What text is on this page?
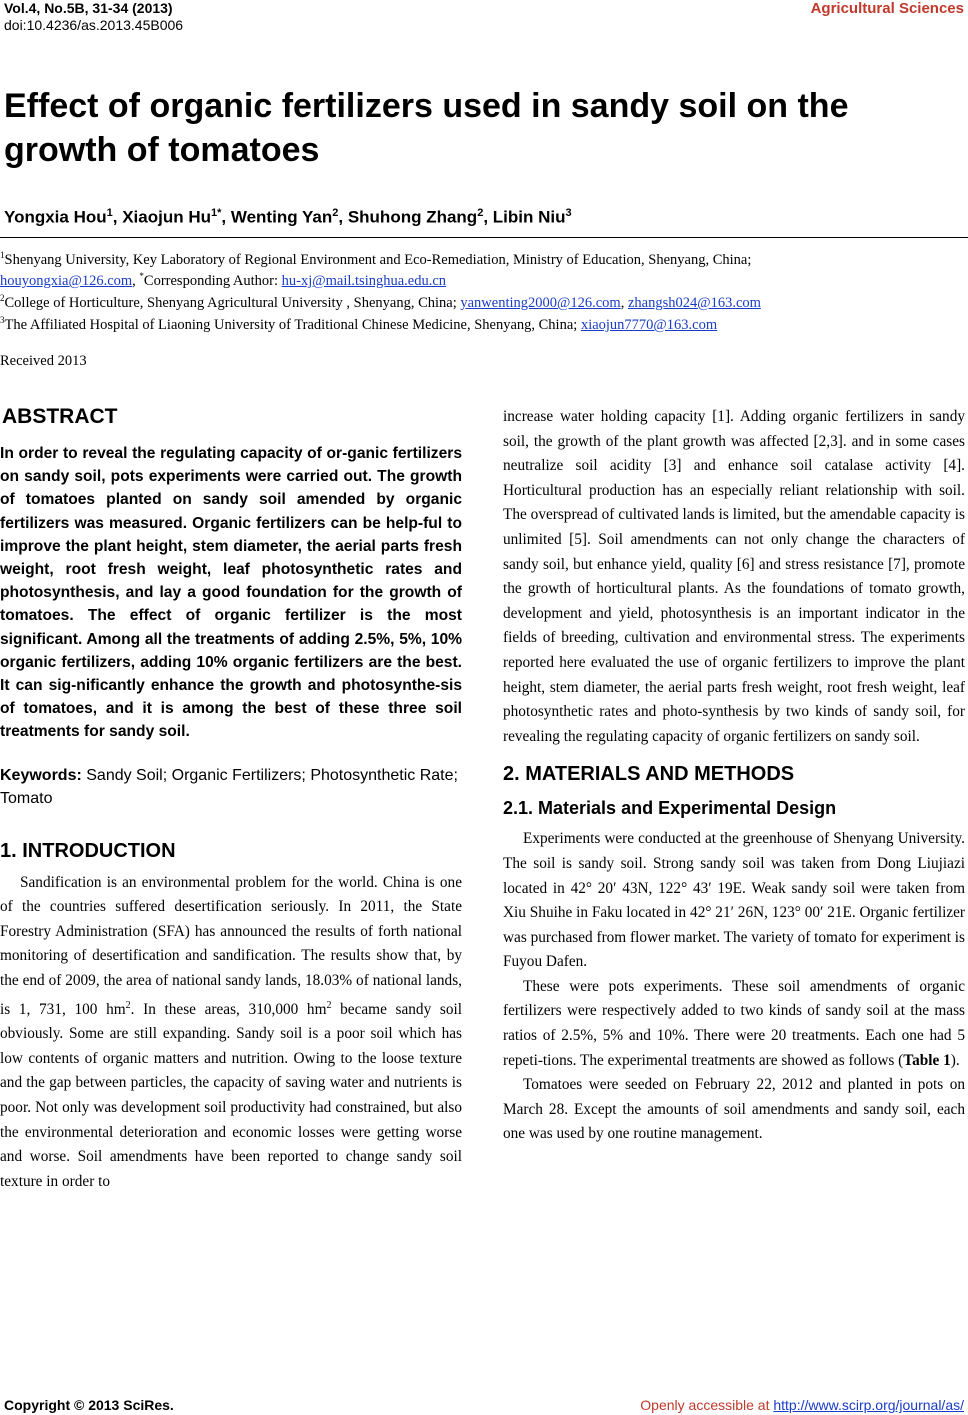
Vol.4, No.5B, 31-34 (2013)
doi:10.4236/as.2013.45B006
Agricultural Sciences
Effect of organic fertilizers used in sandy soil on the growth of tomatoes
Yongxia Hou$^1$, Xiaojun $Hu^{1*}$, Wenting Yan$^2$, Shuhong Zhang$^2$, Libin Niu$^3$
$^1$Shenyang University, Key Laboratory of Regional Environment and Eco-Remediation, Ministry of Education, Shenyang, China;
houyongxia@126.com, *Corresponding Author: hu-xj@mail.tsinghua.edu.cn
$^2$College of Horticulture, Shenyang Agricultural University , Shenyang, China; yanwenting2000@126.com, zhangsh024@163.com
$^3$The Affiliated Hospital of Liaoning University of Traditional Chinese Medicine, Shenyang, China; xiaojun7770@163.com
Received 2013
ABSTRACT
In order to reveal the regulating capacity of or-ganic fertilizers on sandy soil, pots experiments were carried out. The growth of tomatoes planted on sandy soil amended by organic fertilizers was measured. Organic fertilizers can be help-ful to improve the plant height, stem diameter, the aerial parts fresh weight, root fresh weight, leaf photosynthetic rates and photosynthesis, and lay a good foundation for the growth of tomatoes. The effect of organic fertilizer is the most significant. Among all the treatments of adding 2.5%, 5%, 10% organic fertilizers, adding 10% organic fertilizers are the best. It can sig-nificantly enhance the growth and photosynthe-sis of tomatoes, and it is among the best of these three soil treatments for sandy soil.
Keywords: Sandy Soil; Organic Fertilizers; Photosynthetic Rate; Tomato
1. INTRODUCTION

Sandification is an environmental problem for the world. China is one of the countries suffered desertification seriously. In 2011, the State Forestry Administration (SFA) has announced the results of forth national monitoring of desertification and sandification. The results show that, by the end of 2009, the area of national sandy lands, 18.03% of national lands, is 1, 731, 100 $hm^2$. In these areas, 310,000 $hm^2$ became sandy soil obviously. Some are still expanding. Sandy soil is a poor soil which has low contents of organic matters and nutrition. Owing to the loose texture and the gap between particles, the capacity of saving water and nutrients is poor. Not only was development soil productivity had constrained, but also the environmental deterioration and economic losses were getting worse and worse. Soil amendments have been reported to change sandy soil texture in order to

increase water holding capacity [1]. Adding organic fertilizers in sandy soil, the growth of the plant growth was affected [2,3]. and in some cases neutralize soil acidity [3] and enhance soil catalase activity [4]. Horticultural production has an especially reliant relationship with soil. The overspread of cultivated lands is limited, but the amendable capacity is unlimited [5]. Soil amendments can not only change the characters of sandy soil, but enhance yield, quality [6] and stress resistance [7], promote the growth of horticultural plants. As the foundations of tomato growth, development and yield, photosynthesis is an important indicator in the fields of breeding, cultivation and environmental stress. The experiments reported here evaluated the use of organic fertilizers to improve the plant height, stem diameter, the aerial parts fresh weight, root fresh weight, leaf photosynthetic rates and photo-synthesis by two kinds of sandy soil, for revealing the regulating capacity of organic fertilizers on sandy soil.

2. MATERIALS AND METHODS
2.1. Materials and Experimental Design

Experiments were conducted at the greenhouse of Shenyang University. The soil is sandy soil. Strong sandy soil was taken from Dong Liujiazi located in 42° 20′ 43N, 122° 43′ 19E. Weak sandy soil were taken from Xiu Shuihe in Faku located in 42° 21′ 26N, 123° 00′ 21E. Organic fertilizer was purchased from flower market. The variety of tomato for experiment is Fuyou Dafen.

These were pots experiments. These soil amendments of organic fertilizers were respectively added to two kinds of sandy soil at the mass ratios of 2.5%, 5% and 10%. There were 20 treatments. Each one had 5 repeti-tions. The experimental treatments are showed as follows (Table 1).

Tomatoes were seeded on February 22, 2012 and planted in pots on March 28. Except the amounts of soil amendments and sandy soil, each one was used by one routine management.

Copyright © 2013 SciRes.	Openly accessible at http://www.scirp.org/journal/as/
